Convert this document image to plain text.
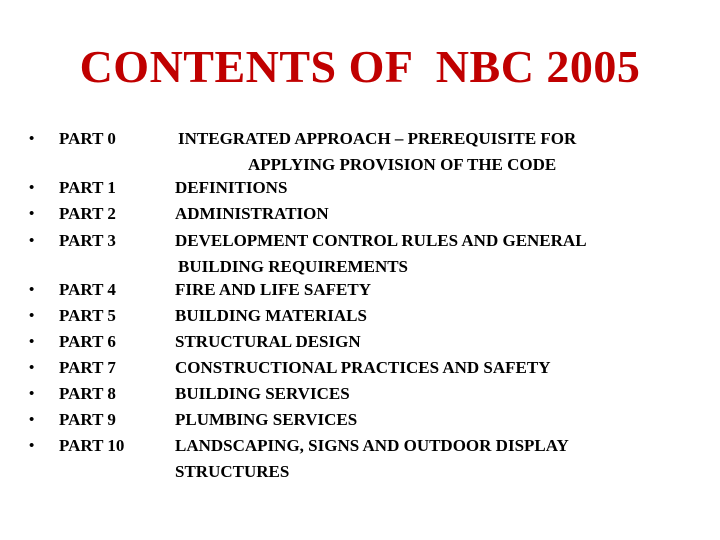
CONTENTS OF  NBC 2005
• PART 0	INTEGRATED APPROACH – PREREQUISITE FOR
APPLYING PROVISION OF THE CODE
• PART 1	DEFINITIONS
• PART 2	ADMINISTRATION
• PART 3	DEVELOPMENT CONTROL RULES AND GENERAL
BUILDING REQUIREMENTS
• PART 4	FIRE AND LIFE SAFETY
• PART 5	BUILDING MATERIALS
• PART 6	STRUCTURAL DESIGN
• PART 7	CONSTRUCTIONAL PRACTICES AND SAFETY
• PART 8	BUILDING SERVICES
• PART 9	PLUMBING SERVICES
• PART 10	LANDSCAPING, SIGNS AND OUTDOOR DISPLAY
STRUCTURES
